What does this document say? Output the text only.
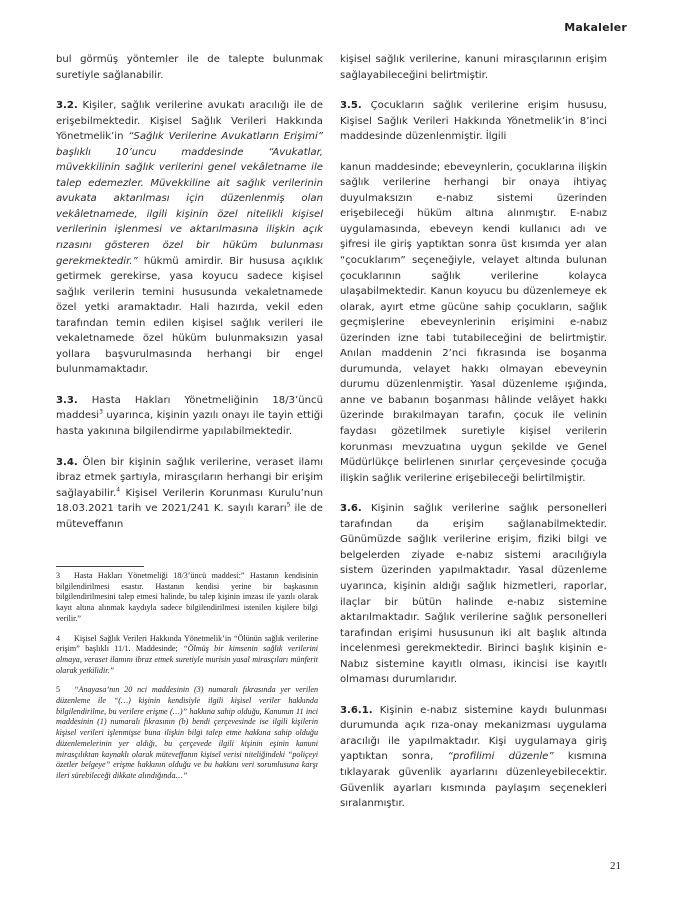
Makaleler

bul görmüş yöntemler ile de talepte bulunmak suretiyle sağlanabilir.

3.2. Kişiler, sağlık verilerine avukatı aracılığı ile de erişebilmektedir. Kişisel Sağlık Verileri Hakkında Yönetmelik’in “Sağlık Verilerine Avukatların Erişimi” başlıklı 10’uncu maddesinde “Avukatlar, müvekkilinin sağlık verilerini genel vekâletname ile talep edemezler. Müvekkiline ait sağlık verilerinin avukata aktarılması için düzenlenmiş olan vekâletnamede, ilgili kişinin özel nitelikli kişisel verilerinin işlenmesi ve aktarılmasına ilişkin açık rızasını gösteren özel bir hüküm bulunması gerekmektedir.” hükmü amirdir. Bir hususa açıklık getirmek gerekirse, yasa koyucu sadece kişisel sağlık verilerin temini hususunda vekaletnamede özel yetki aramaktadır. Hali hazırda, vekil eden tarafından temin edilen kişisel sağlık verileri ile vekaletnamede özel hüküm bulunmaksızın yasal yollara başvurulmasında herhangi bir engel bulunmamaktadır.

3.3. Hasta Hakları Yönetmeliğinin 18/3’üncü maddesi$^3$ uyarınca, kişinin yazılı onayı ile tayin ettiği hasta yakınına bilgilendirme yapılabilmektedir.

3.4. Ölen bir kişinin sağlık verilerine, veraset ilamı ibraz etmek şartıyla, mirasçıların herhangi bir erişim sağlayabilir.$^4$ Kişisel Verilerin Korunması Kurulu’nun 18.03.2021 tarih ve 2021/241 K. sayılı kararı$^5$ ile de müteveffanın

3 Hasta Hakları Yönetmeliği 18/3’üncü maddesi:” Hastanın kendisinin bilgilendirilmesi esastır. Hastanın kendisi yerine bir başkasının bilgilendirilmesini talep etmesi halinde, bu talep kişinin imzası ile yazılı olarak kayıt altına alınmak kaydıyla sadece bilgilendirilmesi istenilen kişilere bilgi verilir.”

4 Kişisel Sağlık Verileri Hakkında Yönetmelik’in “Ölünün sağlık verilerine erişim” başlıklı 11/1. Maddesinde; “Ölmüş bir kimsenin sağlık verilerini almaya, veraset ilamını ibraz etmek suretiyle murisin yasal mirasçıları münferit olarak yetkilidir.”

5 “Anayasa’nın 20 nci maddesinin (3) numaralı fıkrasında yer verilen düzenleme ile “(…) kişinin kendisiyle ilgili kişisel veriler hakkında bilgilendirilme, bu verilere erişme (…)” hakkına sahip olduğu, Kanunun 11 inci maddesinin (1) numaralı fıkrasının (b) bendi çerçevesinde ise ilgili kişilerin kişisel verileri işlenmişse buna ilişkin bilgi talep etme hakkına sahip olduğu düzenlemelerinin yer aldığı, bu çerçevede ilgili kişinin eşinin kanuni mirasçılıktan kaynaklı olarak müteveffanın kişisel verisi niteliğindeki “poliçeyi özetler belgeye” erişme hakkının olduğu ve bu hakkını veri sorumlusuna karşı ileri sürebileceği dikkate alındığında…”

kişisel sağlık verilerine, kanuni mirasçılarının erişim sağlayabileceğini belirtmiştir.

3.5. Çocukların sağlık verilerine erişim hususu, Kişisel Sağlık Verileri Hakkında Yönetmelik’in 8’inci maddesinde düzenlenmiştir. İlgili

kanun maddesinde; ebeveynlerin, çocuklarına ilişkin sağlık verilerine herhangi bir onaya ihtiyaç duyulmaksızın e-nabız sistemi üzerinden erişebileceği hüküm altına alınmıştır. E-nabız uygulamasında, ebeveyn kendi kullanıcı adı ve şifresi ile giriş yaptıktan sonra üst kısımda yer alan “çocuklarım” seçeneğiyle, velayet altında bulunan çocuklarının sağlık verilerine kolayca ulaşabilmektedir. Kanun koyucu bu düzenlemeye ek olarak, ayırt etme gücüne sahip çocukların, sağlık geçmişlerine ebeveynlerinin erişimini e-nabız üzerinden izne tabi tutabileceğini de belirtmiştir. Anılan maddenin 2’nci fıkrasında ise boşanma durumunda, velayet hakkı olmayan ebeveynin durumu düzenlenmiştir. Yasal düzenleme ışığında, anne ve babanın boşanması hâlinde velâyet hakkı üzerinde bırakılmayan tarafın, çocuk ile velinin faydası gözetilmek suretiyle kişisel verilerin korunması mevzuatına uygun şekilde ve Genel Müdürlükçe belirlenen sınırlar çerçevesinde çocuğa ilişkin sağlık verilerine erişebileceği belirtilmiştir.

3.6. Kişinin sağlık verilerine sağlık personelleri tarafından da erişim sağlanabilmektedir. Günümüzde sağlık verilerine erişim, fiziki bilgi ve belgelerden ziyade e-nabız sistemi aracılığıyla sistem üzerinden yapılmaktadır. Yasal düzenleme uyarınca, kişinin aldığı sağlık hizmetleri, raporlar, ilaçlar bir bütün halinde e-nabız sistemine aktarılmaktadır. Sağlık verilerine sağlık personelleri tarafından erişimi hususunun iki alt başlık altında incelenmesi gerekmektedir. Birinci başlık kişinin e-Nabız sistemine kayıtlı olması, ikincisi ise kayıtlı olmaması durumlarıdır.

3.6.1. Kişinin e-nabız sistemine kaydı bulunması durumunda açık rıza-onay mekanizması uygulama aracılığı ile yapılmaktadır. Kişi uygulamaya giriş yaptıktan sonra, “profilimi düzenle” kısmına tıklayarak güvenlik ayarlarını düzenleyebilecektir. Güvenlik ayarları kısmında paylaşım seçenekleri sıralanmıştır.

21
